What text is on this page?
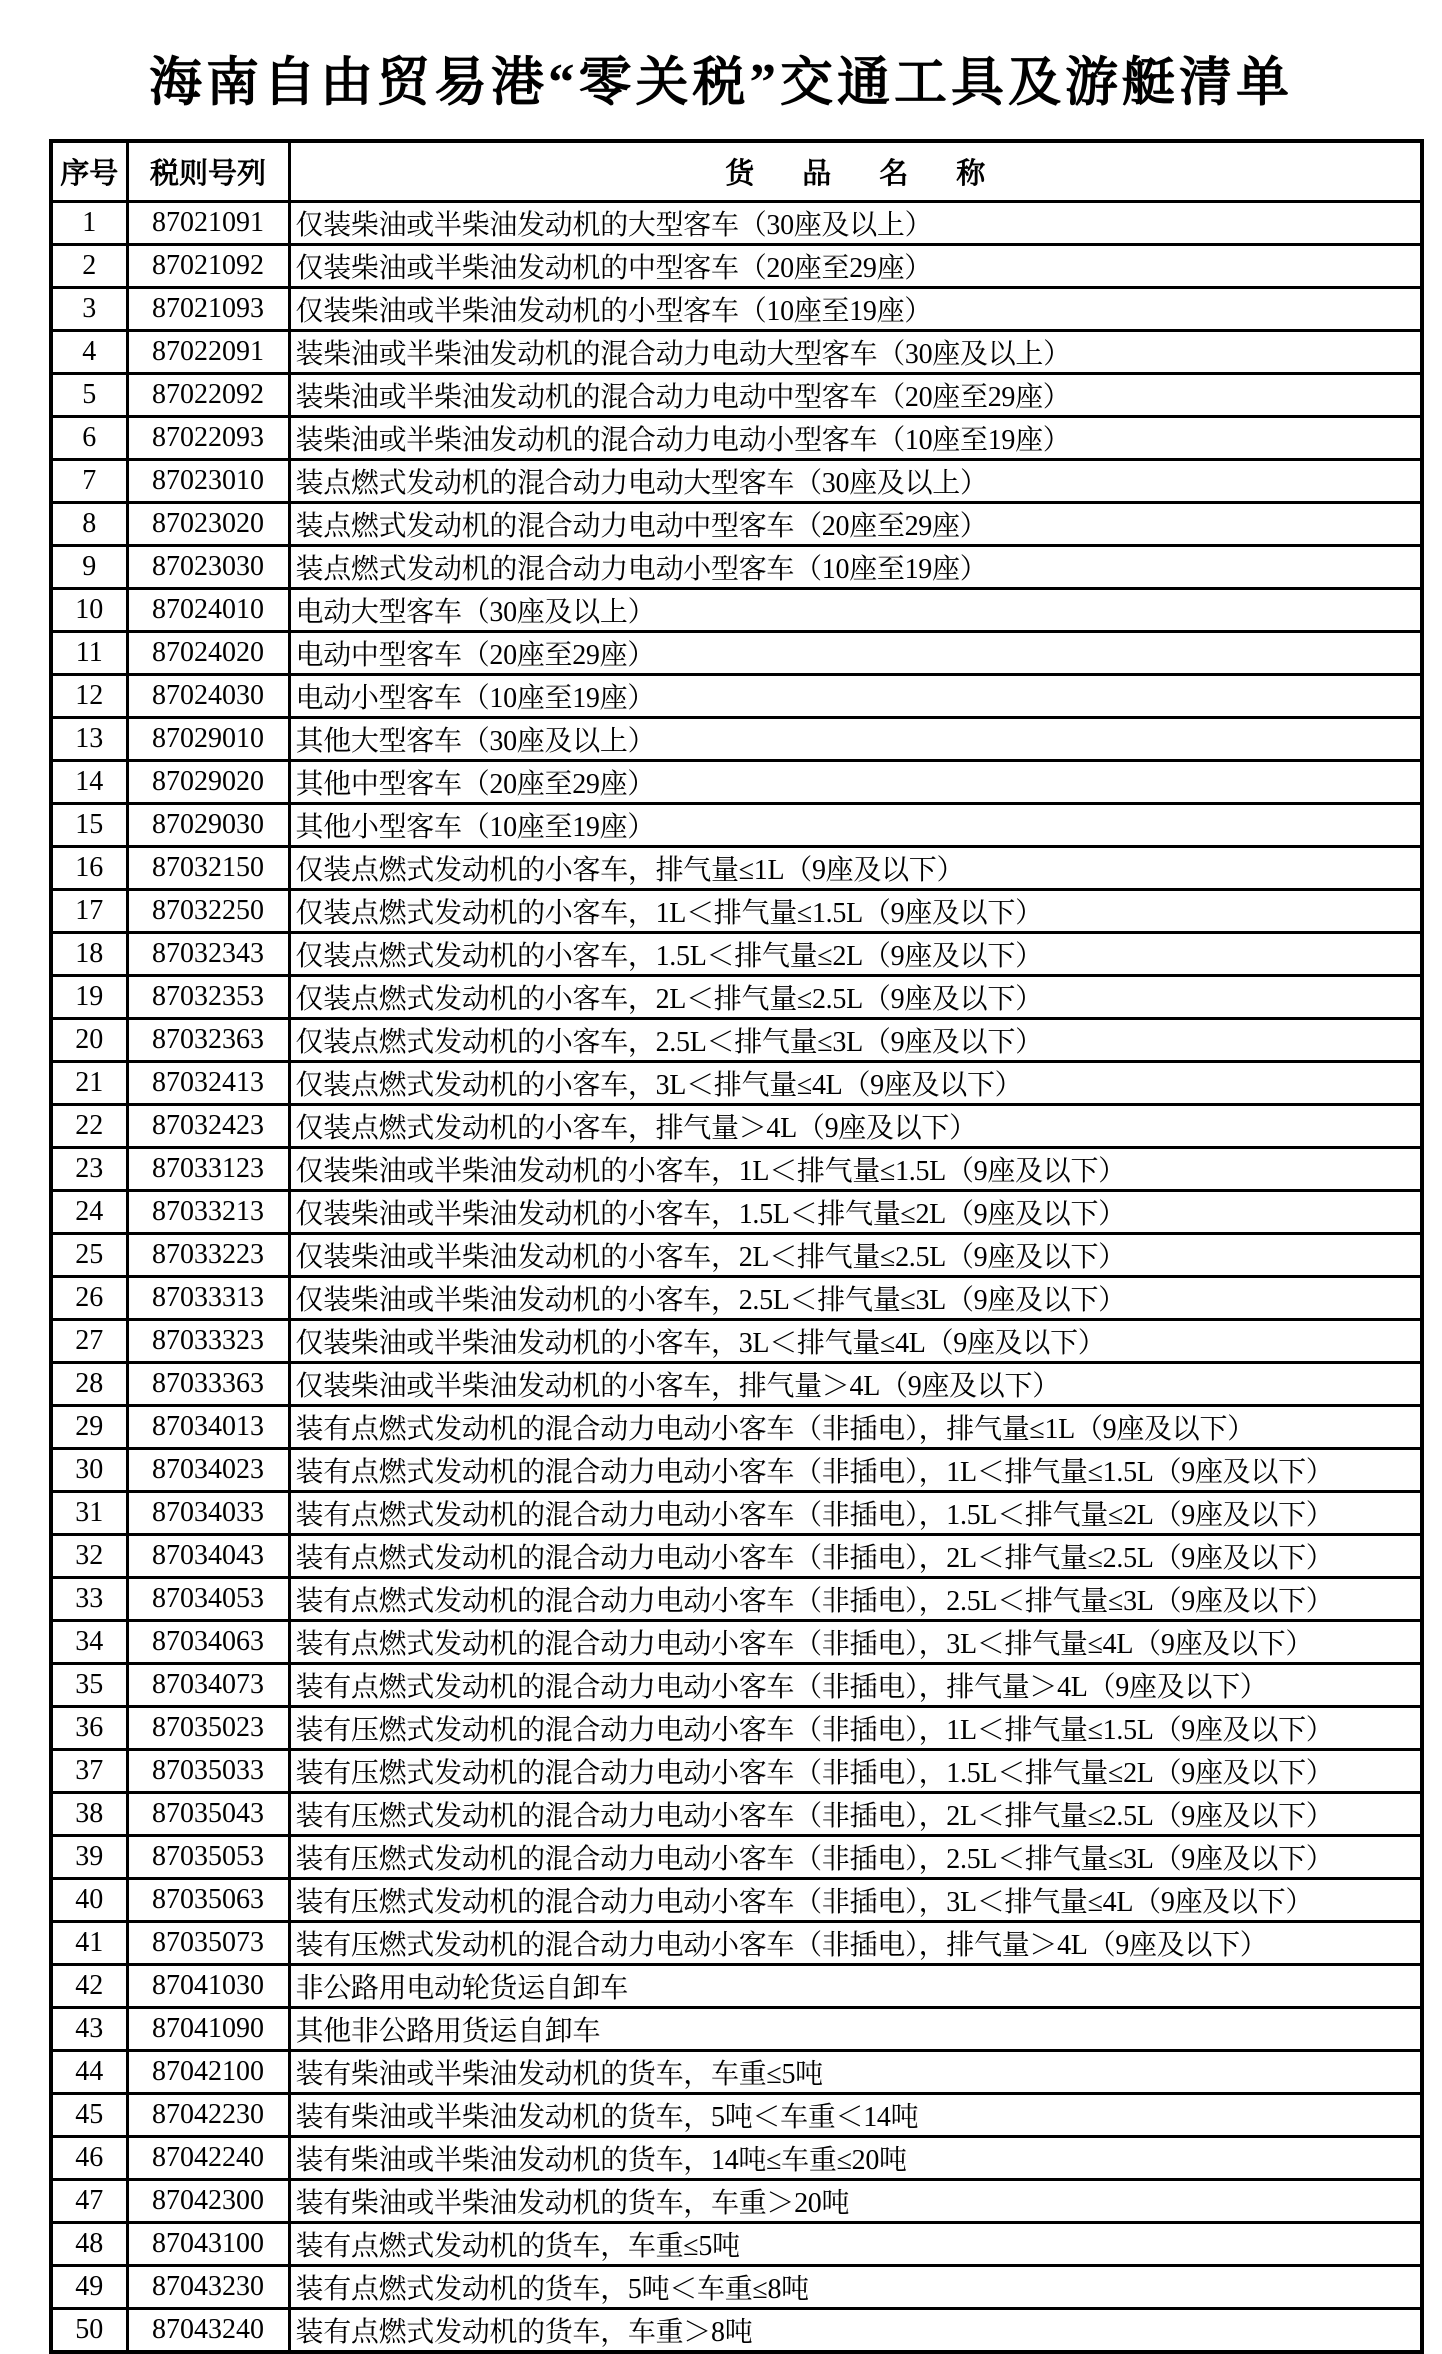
海南自由贸易港“零关税”交通工具及游艇清单
序号	税则号列	货品名称
1	87021091	仅装柴油或半柴油发动机的大型客车（30座及以上）
2	87021092	仅装柴油或半柴油发动机的中型客车（20座至29座）
3	87021093	仅装柴油或半柴油发动机的小型客车（10座至19座）
4	87022091	装柴油或半柴油发动机的混合动力电动大型客车（30座及以上）
5	87022092	装柴油或半柴油发动机的混合动力电动中型客车（20座至29座）
6	87022093	装柴油或半柴油发动机的混合动力电动小型客车（10座至19座）
7	87023010	装点燃式发动机的混合动力电动大型客车（30座及以上）
8	87023020	装点燃式发动机的混合动力电动中型客车（20座至29座）
9	87023030	装点燃式发动机的混合动力电动小型客车（10座至19座）
10	87024010	电动大型客车（30座及以上）
11	87024020	电动中型客车（20座至29座）
12	87024030	电动小型客车（10座至19座）
13	87029010	其他大型客车（30座及以上）
14	87029020	其他中型客车（20座至29座）
15	87029030	其他小型客车（10座至19座）
16	87032150	仅装点燃式发动机的小客车，排气量≤1L（9座及以下）
17	87032250	仅装点燃式发动机的小客车，1L＜排气量≤1.5L（9座及以下）
18	87032343	仅装点燃式发动机的小客车，1.5L＜排气量≤2L（9座及以下）
19	87032353	仅装点燃式发动机的小客车，2L＜排气量≤2.5L（9座及以下）
20	87032363	仅装点燃式发动机的小客车，2.5L＜排气量≤3L（9座及以下）
21	87032413	仅装点燃式发动机的小客车，3L＜排气量≤4L（9座及以下）
22	87032423	仅装点燃式发动机的小客车，排气量＞4L（9座及以下）
23	87033123	仅装柴油或半柴油发动机的小客车，1L＜排气量≤1.5L（9座及以下）
24	87033213	仅装柴油或半柴油发动机的小客车，1.5L＜排气量≤2L（9座及以下）
25	87033223	仅装柴油或半柴油发动机的小客车，2L＜排气量≤2.5L（9座及以下）
26	87033313	仅装柴油或半柴油发动机的小客车，2.5L＜排气量≤3L（9座及以下）
27	87033323	仅装柴油或半柴油发动机的小客车，3L＜排气量≤4L（9座及以下）
28	87033363	仅装柴油或半柴油发动机的小客车，排气量＞4L（9座及以下）
29	87034013	装有点燃式发动机的混合动力电动小客车（非插电），排气量≤1L（9座及以下）
30	87034023	装有点燃式发动机的混合动力电动小客车（非插电），1L＜排气量≤1.5L（9座及以下）
31	87034033	装有点燃式发动机的混合动力电动小客车（非插电），1.5L＜排气量≤2L（9座及以下）
32	87034043	装有点燃式发动机的混合动力电动小客车（非插电），2L＜排气量≤2.5L（9座及以下）
33	87034053	装有点燃式发动机的混合动力电动小客车（非插电），2.5L＜排气量≤3L（9座及以下）
34	87034063	装有点燃式发动机的混合动力电动小客车（非插电），3L＜排气量≤4L（9座及以下）
35	87034073	装有点燃式发动机的混合动力电动小客车（非插电），排气量＞4L（9座及以下）
36	87035023	装有压燃式发动机的混合动力电动小客车（非插电），1L＜排气量≤1.5L（9座及以下）
37	87035033	装有压燃式发动机的混合动力电动小客车（非插电），1.5L＜排气量≤2L（9座及以下）
38	87035043	装有压燃式发动机的混合动力电动小客车（非插电），2L＜排气量≤2.5L（9座及以下）
39	87035053	装有压燃式发动机的混合动力电动小客车（非插电），2.5L＜排气量≤3L（9座及以下）
40	87035063	装有压燃式发动机的混合动力电动小客车（非插电），3L＜排气量≤4L（9座及以下）
41	87035073	装有压燃式发动机的混合动力电动小客车（非插电），排气量＞4L（9座及以下）
42	87041030	非公路用电动轮货运自卸车
43	87041090	其他非公路用货运自卸车
44	87042100	装有柴油或半柴油发动机的货车，车重≤5吨
45	87042230	装有柴油或半柴油发动机的货车，5吨＜车重＜14吨
46	87042240	装有柴油或半柴油发动机的货车，14吨≤车重≤20吨
47	87042300	装有柴油或半柴油发动机的货车，车重＞20吨
48	87043100	装有点燃式发动机的货车，车重≤5吨
49	87043230	装有点燃式发动机的货车，5吨＜车重≤8吨
50	87043240	装有点燃式发动机的货车，车重＞8吨
